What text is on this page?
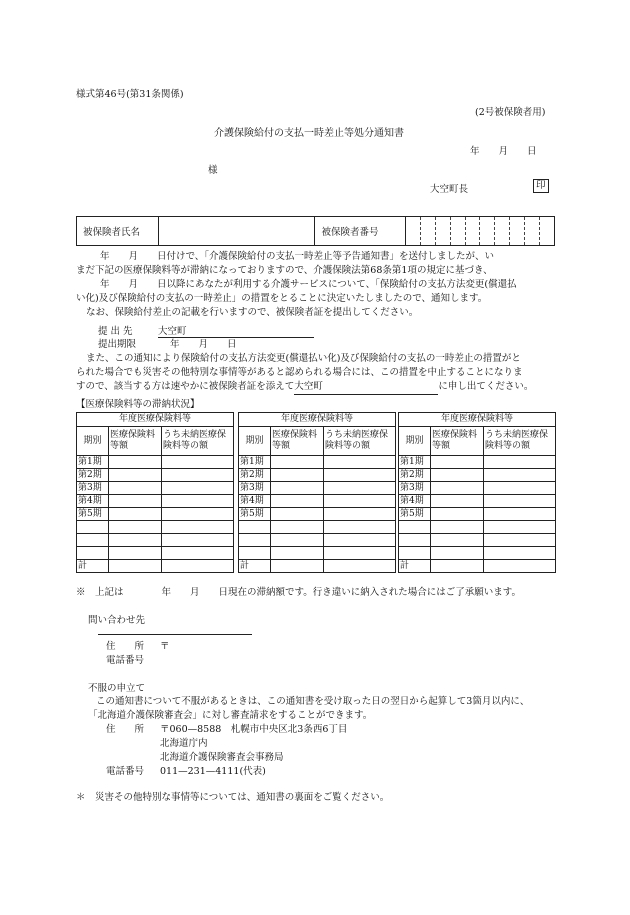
様式第46号(第31条関係)
(2号被保険者用)
介護保険給付の支払一時差止等処分通知書
年　　月　　日
様
大空町長	印
被保険者氏名		被保険者番号										
年　　月　　日付けで、「介護保険給付の支払一時差止等予告通知書」を送付しましたが、い
まだ下記の医療保険料等が滞納になっておりますので、介護保険法第68条第1項の規定に基づき、
年　　月　　日以降にあなたが利用する介護サービスについて、「保険給付の支払方法変更(償還払
い化)及び保険給付の支払の一時差止」の措置をとることに決定いたしましたので、通知します。
なお、保険給付差止の記載を行いますので、被保険者証を提出してください。
提 出 先	大空町
提出期限	年　　月　　日
また、この通知により保険給付の支払方法変更(償還払い化)及び保険給付の支払の一時差止の措置がと
られた場合でも災害その他特別な事情等があると認められる場合には、この措置を中止することになりま
すので、該当する方は速やかに被保険者証を添えて大空町	に申し出てください。
【医療保険料等の滞納状況】
年度医療保険料等		
期別	医療保険料等額	うち未納医療保険料等の額
第1期		
第2期		
第3期		
第4期		
第5期		

計		
年度医療保険料等		
期別	医療保険料等額	うち未納医療保険料等の額
第1期		
第2期		
第3期		
第4期		
第5期		

計		
年度医療保険料等		
期別	医療保険料等額	うち未納医療保険料等の額
第1期		
第2期		
第3期		
第4期		
第5期		

計		
※　上記は　　　　年　　月　　日現在の滞納額です。行き違いに納入された場合にはご了承願います。
問い合わせ先
住　　所 〒
電話番号
不服の申立て
この通知書について不服があるときは、この通知書を受け取った日の翌日から起算して3箇月以内に、
「北海道介護保険審査会」に対し審査請求をすることができます。
住　　所 〒060—8588　札幌市中央区北3条西6丁目
北海道庁内
北海道介護保険審査会事務局
電話番号 011—231—4111(代表)
＊　災害その他特別な事情等については、通知書の裏面をご覧ください。
